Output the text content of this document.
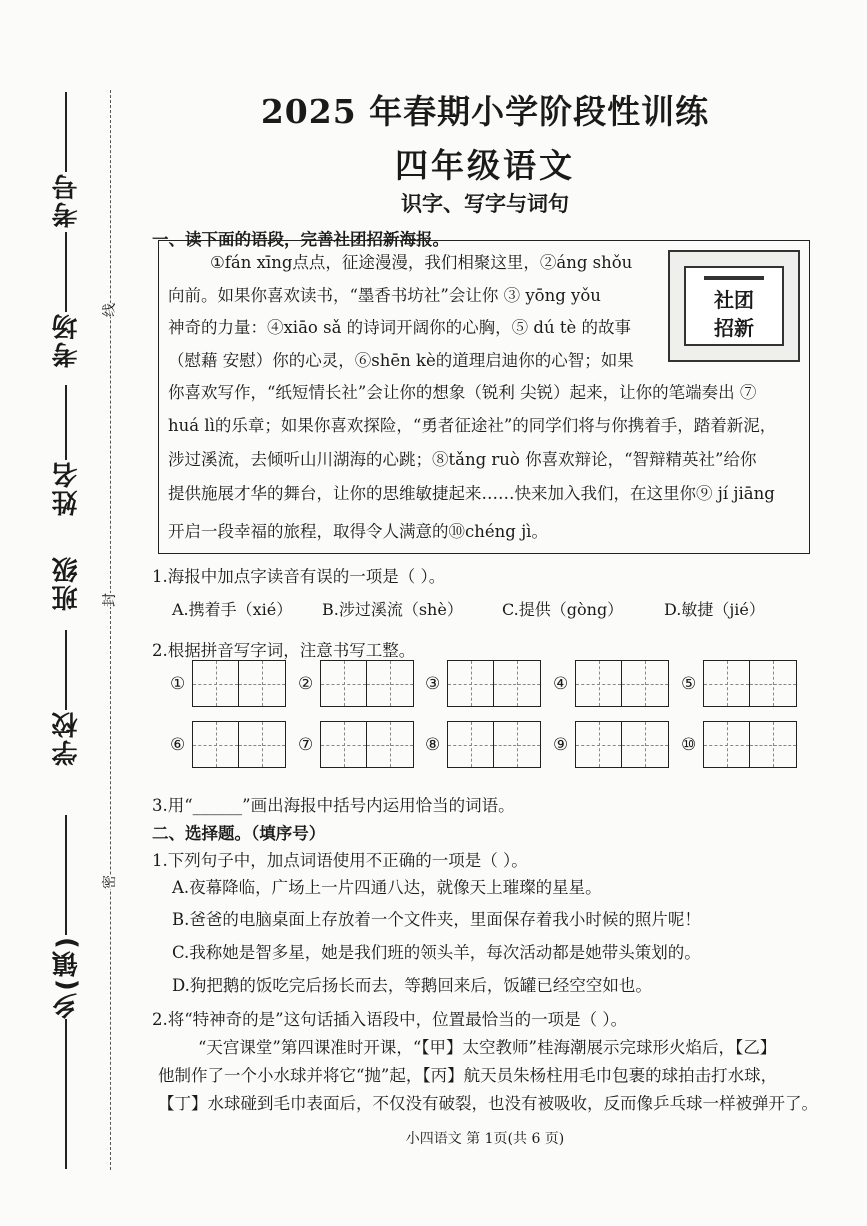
线
封
密
考号
考场
姓名
班级
学校
乡(镇)
2025 年春期小学阶段性训练
四年级语文
识字、写字与词句
一、读下面的语段，完善社团招新海报。
①fán xīng点点，征途漫漫，我们相聚这里，②áng shǒu
向前。如果你喜欢读书，“墨香书坊社”会让你 ③ yōng yǒu
神奇的力量：④xiāo sǎ 的诗词开阔你的心胸，⑤ dú tè 的故事
（慰藉 安慰）你的心灵，⑥shēn kè的道理启迪你的心智；如果
你喜欢写作，“纸短情长社”会让你的想象（锐利 尖锐）起来，让你的笔端奏出 ⑦
huá lì的乐章；如果你喜欢探险，“勇者征途社”的同学们将与你携着手，踏着新泥，
涉过溪流，去倾听山川湖海的心跳；⑧tǎng ruò 你喜欢辩论，“智辩精英社”给你
提供施展才华的舞台，让你的思维敏捷起来……快来加入我们，在这里你⑨ jí jiāng
开启一段幸福的旅程，取得令人满意的⑩chéng jì。
社团
招新
1.海报中加点字读音有误的一项是（ ）。
A.携着手（xié） B.涉过溪流（shè） C.提供（gòng）	D.敏捷（jié）
2.根据拼音写字词，注意书写工整。
①	②	③	④	⑤
⑥	⑦	⑧	⑨	⑩
3.用“______”画出海报中括号内运用恰当的词语。
二、选择题。（填序号）
1.下列句子中，加点词语使用不正确的一项是（ ）。
A.夜幕降临，广场上一片四通八达，就像天上璀璨的星星。
B.爸爸的电脑桌面上存放着一个文件夹，里面保存着我小时候的照片呢！
C.我称她是智多星，她是我们班的领头羊，每次活动都是她带头策划的。
D.狗把鹅的饭吃完后扬长而去，等鹅回来后，饭罐已经空空如也。
2.将“特神奇的是”这句话插入语段中，位置最恰当的一项是（ ）。
“天宫课堂”第四课准时开课，“【甲】太空教师”桂海潮展示完球形火焰后，【乙】
他制作了一个小水球并将它“抛”起，【丙】航天员朱杨柱用毛巾包裹的球拍击打水球，
【丁】水球碰到毛巾表面后，不仅没有破裂，也没有被吸收，反而像乒乓球一样被弹开了。
小四语文 第 1页(共 6 页)
